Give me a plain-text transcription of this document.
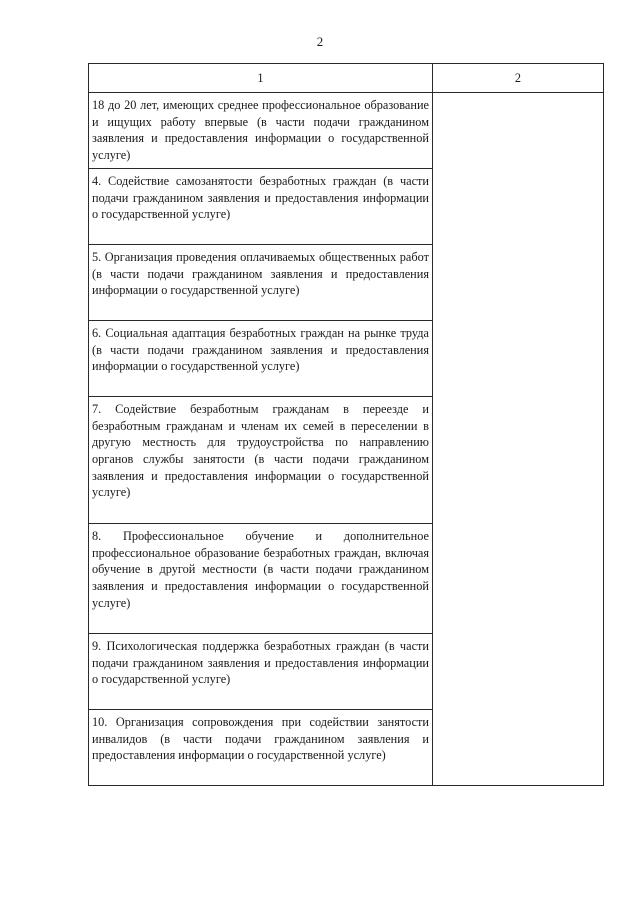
2
1	2
18 до 20 лет, имеющих среднее профессиональное образование и ищущих работу впервые (в части подачи гражданином заявления и предоставления информации о государственной услуге)	
4. Содействие самозанятости безработных граждан (в части подачи гражданином заявления и предоставления информации о государственной услуге)	
5. Организация проведения оплачиваемых общественных работ (в части подачи гражданином заявления и предоставления информации о государственной услуге)	
6. Социальная адаптация безработных граждан на рынке труда (в части подачи гражданином заявления и предоставления информации о государственной услуге)	
7. Содействие безработным гражданам в переезде и безработным гражданам и членам их семей в переселении в другую местность для трудоустройства по направлению органов службы занятости (в части подачи гражданином заявления и предоставления информации о государственной услуге)	
8. Профессиональное обучение и дополнительное профессиональное образование безработных граждан, включая обучение в другой местности (в части подачи гражданином заявления и предоставления информации о государственной услуге)	
9. Психологическая поддержка безработных граждан (в части подачи гражданином заявления и предоставления информации о государственной услуге)	
10. Организация сопровождения при содействии занятости инвалидов (в части подачи гражданином заявления и предоставления информации о государственной услуге)	
